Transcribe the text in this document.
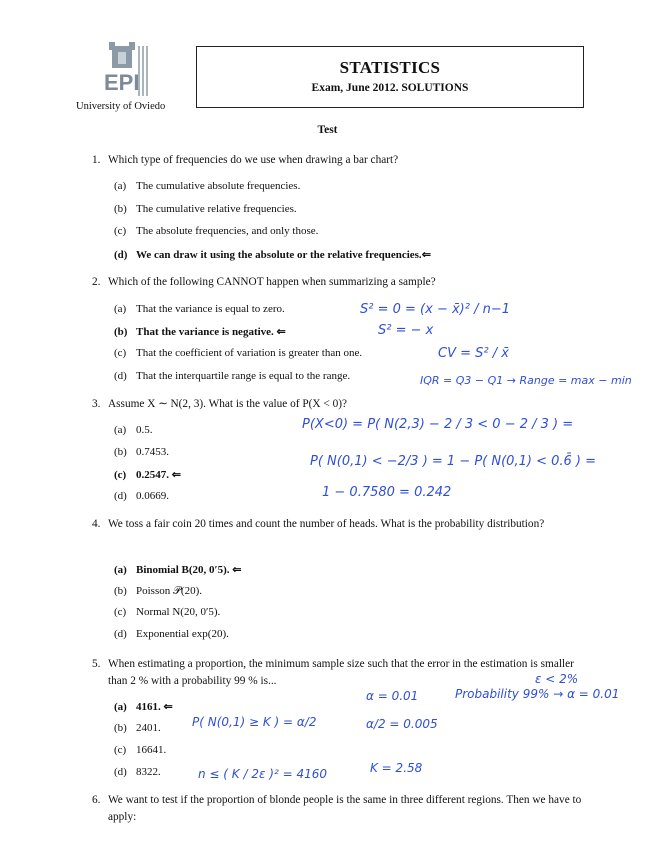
EPI
University of Oviedo
STATISTICS
Exam, June 2012. SOLUTIONS
Test
1. Which type of frequencies do we use when drawing a bar chart?
(a) The cumulative absolute frequencies.
(b) The cumulative relative frequencies.
(c) The absolute frequencies, and only those.
(d) We can draw it using the absolute or the relative frequencies.⇐
2. Which of the following CANNOT happen when summarizing a sample?
(a) That the variance is equal to zero.
(b) That the variance is negative. ⇐
(c) That the coefficient of variation is greater than one.
(d) That the interquartile range is equal to the range.
3. Assume X ∼ N(2, 3). What is the value of P(X < 0)?
(a) 0.5.
(b) 0.7453.
(c) 0.2547. ⇐
(d) 0.0669.
4. We toss a fair coin 20 times and count the number of heads. What is the probability distribution?
(a) Binomial B(20, 0′5). ⇐
(b) Poisson 𝒫(20).
(c) Normal N(20, 0′5).
(d) Exponential exp(20).
5. When estimating a proportion, the minimum sample size such that the error in the estimation is smaller than 2 % with a probability 99 % is...
(a) 4161. ⇐
(b) 2401.
(c) 16641.
(d) 8322.
6. We want to test if the proportion of blonde people is the same in three different regions. Then we have to apply:
S² = 0 = (x − x̄)² / n−1
S² = − x
CV = S² / x̄
IQR = Q3 − Q1 → Range = max − min
P(X<0) = P( N(2,3) − 2 / 3 < 0 − 2 / 3 ) =
P( N(0,1) < −2/3 ) = 1 − P( N(0,1) < 0.6̄ ) =
1 − 0.7580 = 0.242
ε < 2%
Probability 99% → α = 0.01
α = 0.01
P( N(0,1) ≥ K ) = α/2	α/2 = 0.005
n ≤ ( K / 2ε )² = 4160	K = 2.58
